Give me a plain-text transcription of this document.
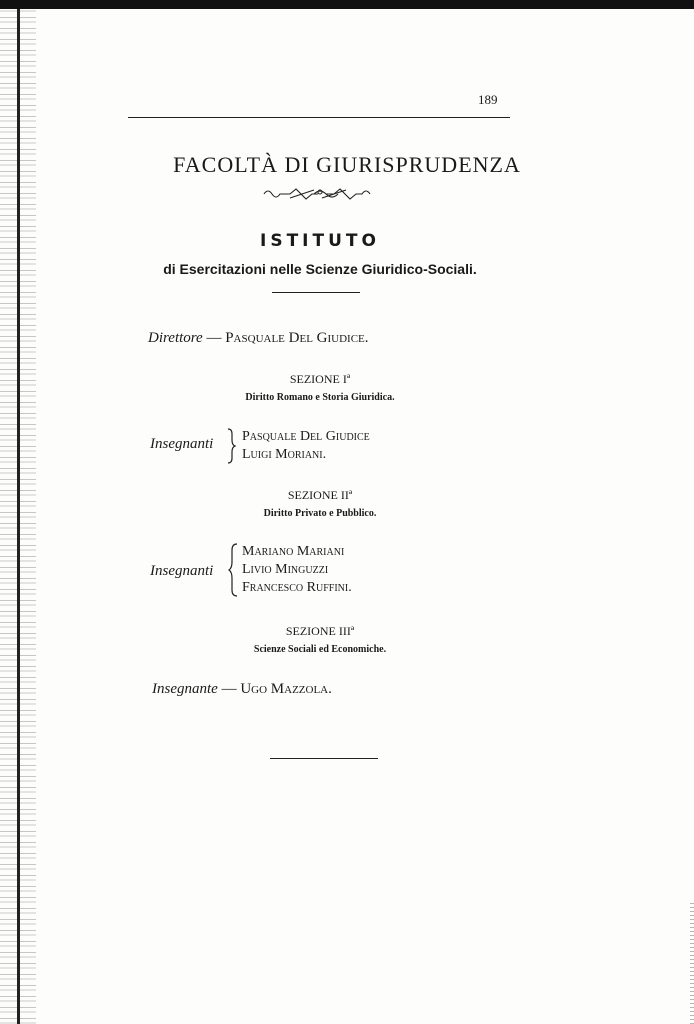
189
FACOLTÀ DI GIURISPRUDENZA
ISTITUTO
di Esercitazioni nelle Scienze Giuridico-Sociali.
Direttore — Pasquale Del Giudice.
SEZIONE Iª
Diritto Romano e Storia Giuridica.
Insegnanti Pasquale Del Giudice
Luigi Moriani.
SEZIONE IIª
Diritto Privato e Pubblico.
Insegnanti
Mariano Mariani
Livio Minguzzi
Francesco Ruffini.
SEZIONE IIIª
Scienze Sociali ed Economiche.
Insegnante — Ugo Mazzola.
